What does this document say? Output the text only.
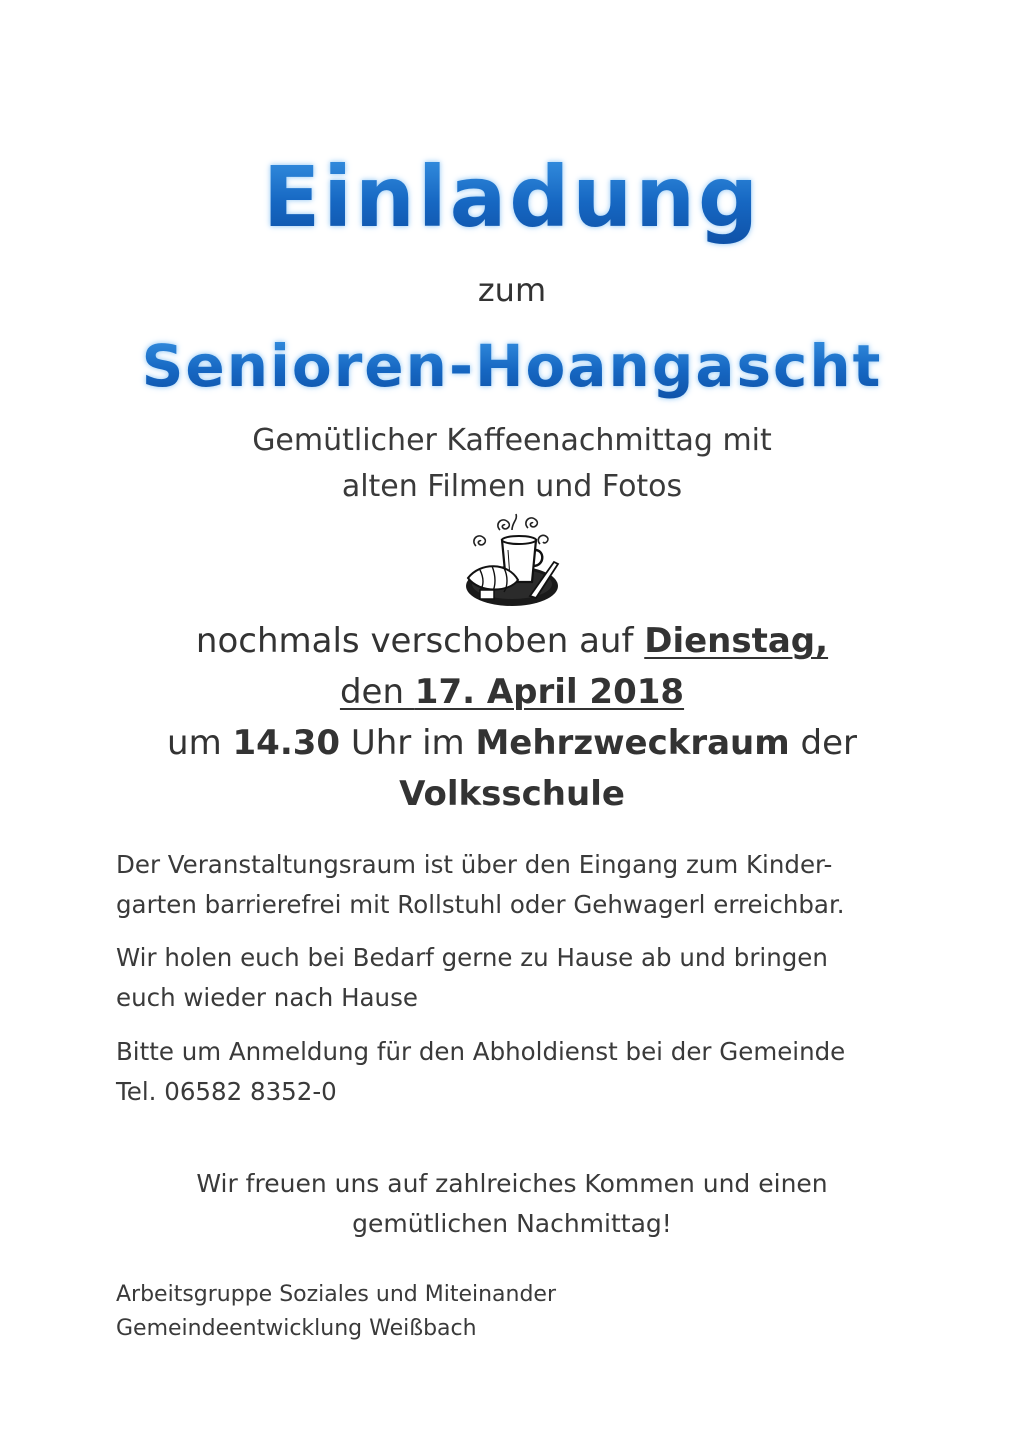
Einladung

zum

Senioren-Hoangascht
Gemütlicher Kaffeenachmittag mit
alten Filmen und Fotos
nochmals verschoben auf Dienstag,
den 17. April 2018
um 14.30 Uhr im Mehrzweckraum der
Volksschule
Der Veranstaltungsraum ist über den Eingang zum Kinder-
garten barrierefrei mit Rollstuhl oder Gehwagerl erreichbar.
Wir holen euch bei Bedarf gerne zu Hause ab und bringen
euch wieder nach Hause
Bitte um Anmeldung für den Abholdienst bei der Gemeinde
Tel. 06582 8352-0
Wir freuen uns auf zahlreiches Kommen und einen
gemütlichen Nachmittag!
Arbeitsgruppe Soziales und Miteinander
Gemeindeentwicklung Weißbach
